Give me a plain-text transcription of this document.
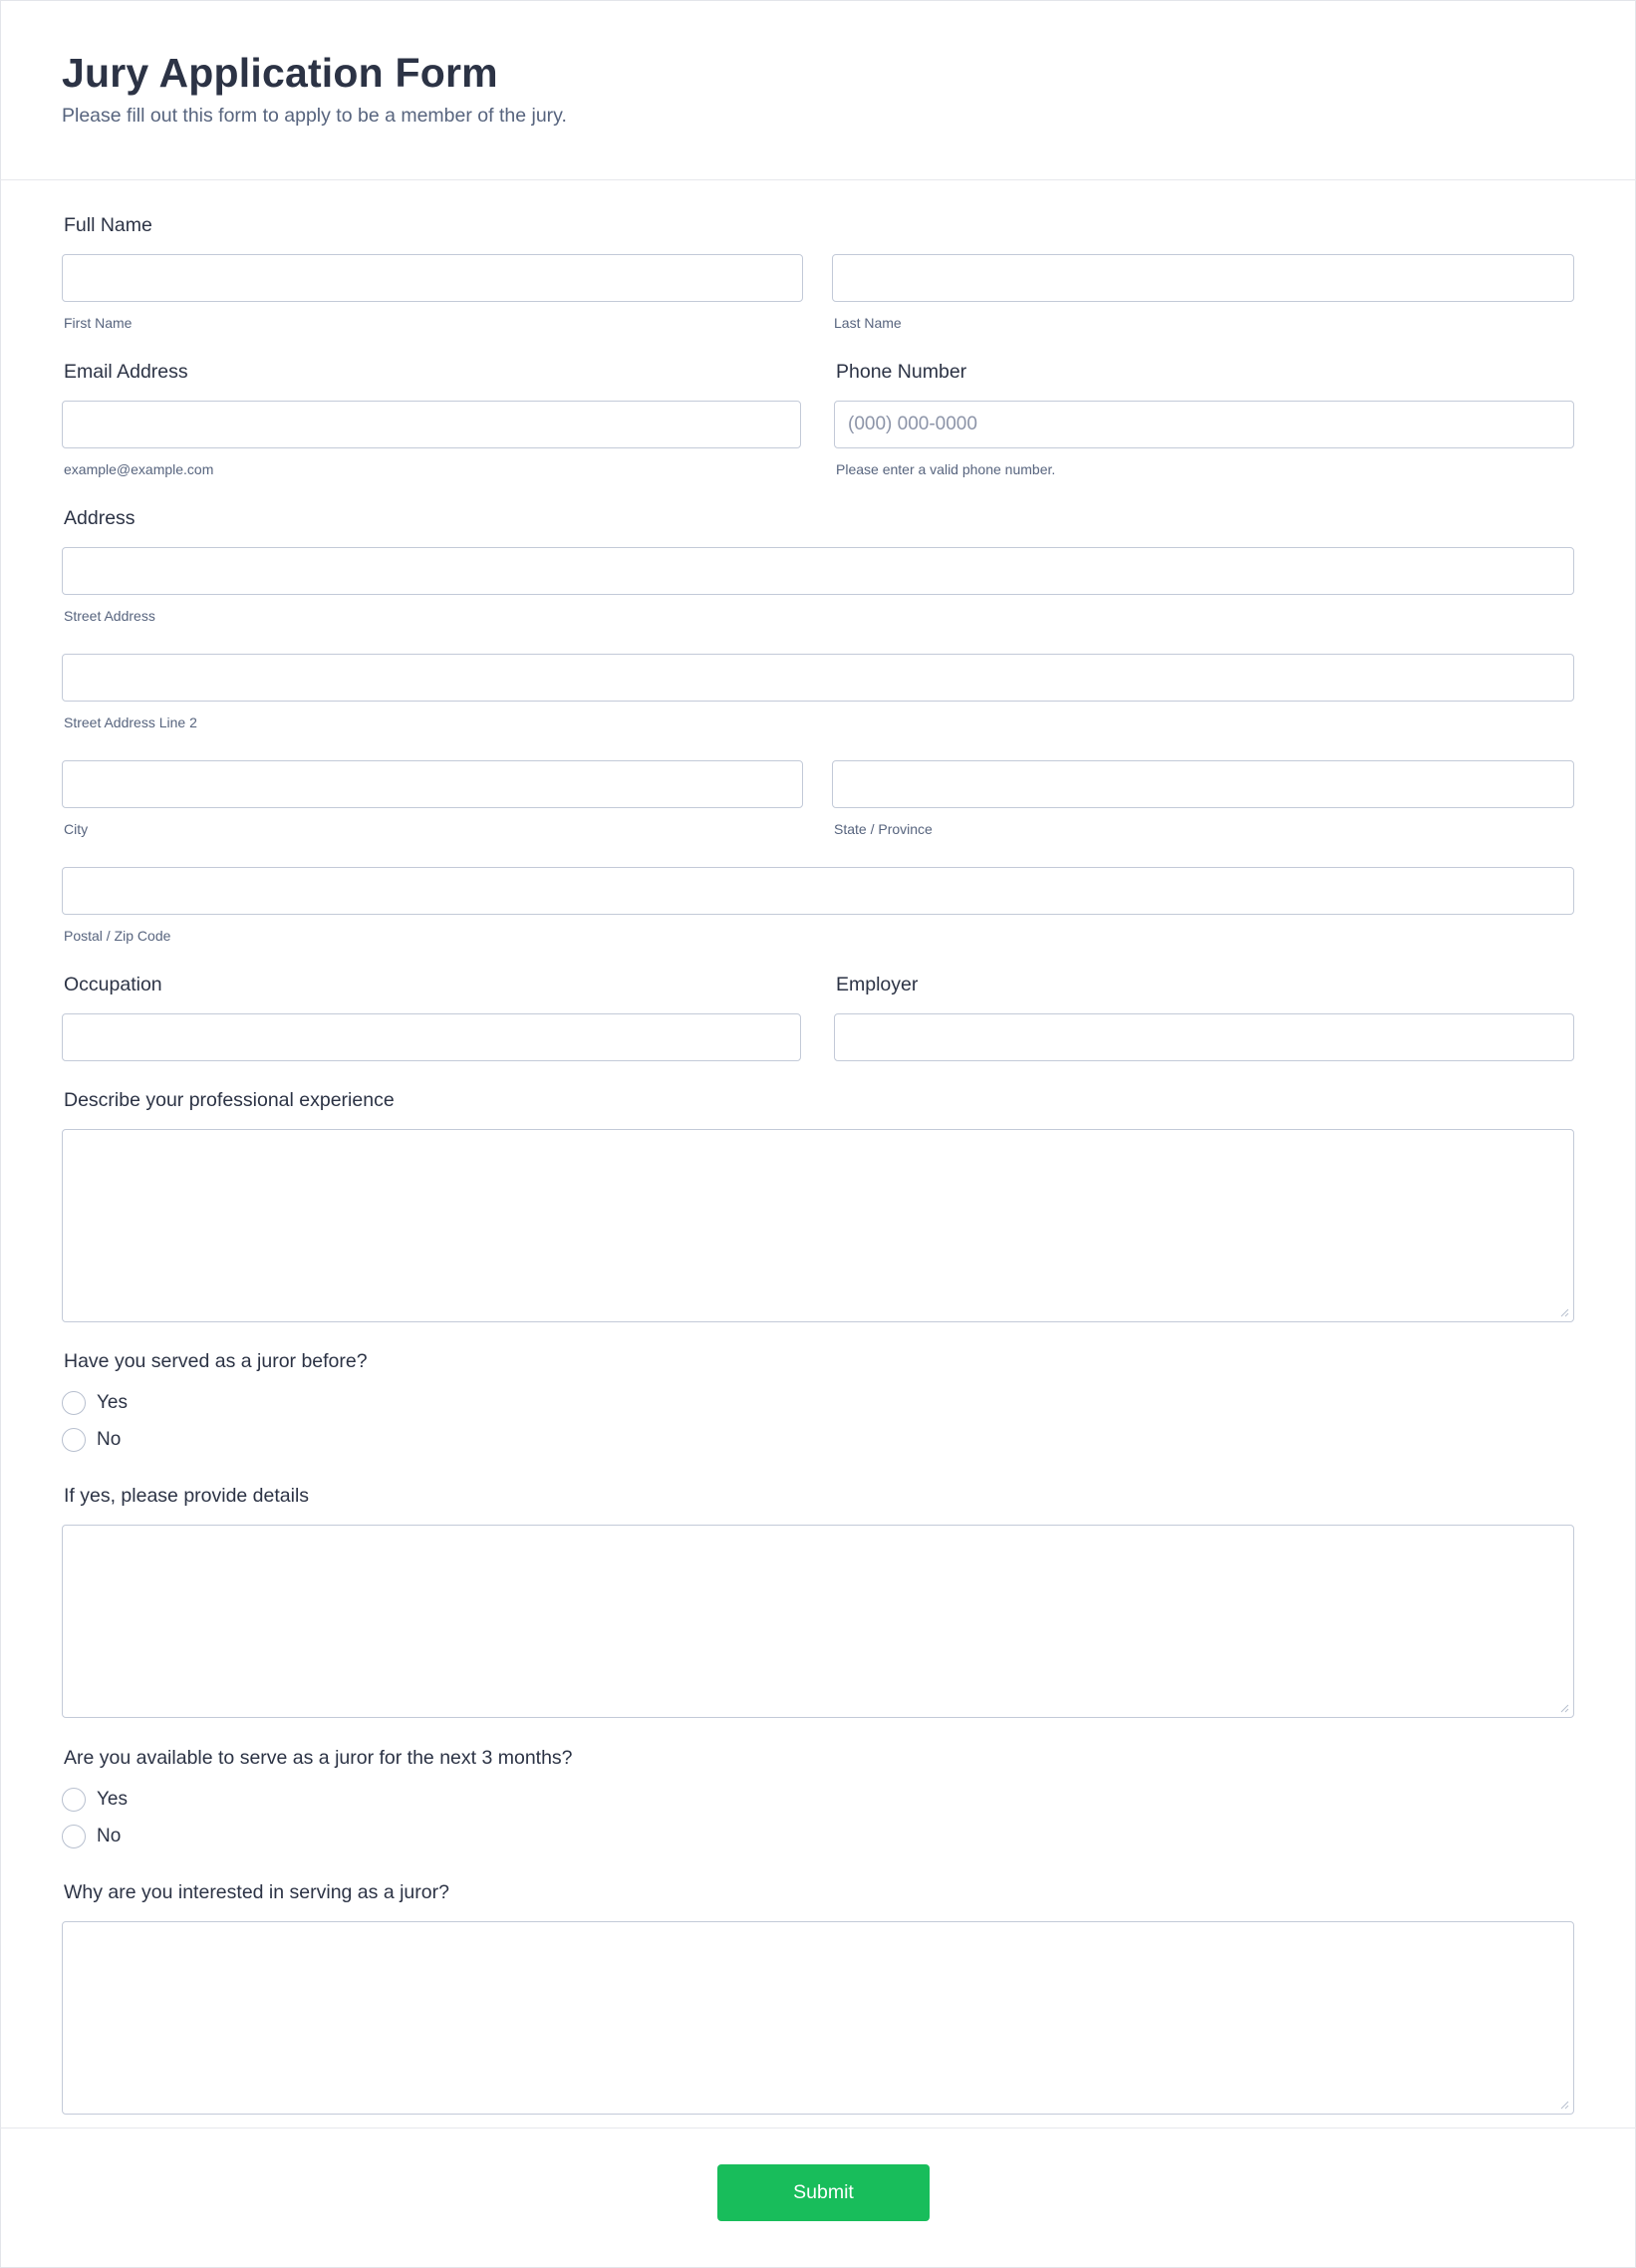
Jury Application Form
Please fill out this form to apply to be a member of the jury.
Full Name
First Name	Last Name
Email Address	Phone Number
(000) 000-0000
example@example.com	Please enter a valid phone number.
Address
Street Address
Street Address Line 2
City	State / Province
Postal / Zip Code
Occupation	Employer
Describe your professional experience
Have you served as a juror before?
Yes
No
If yes, please provide details
Are you available to serve as a juror for the next 3 months?
Yes
No
Why are you interested in serving as a juror?
Submit
